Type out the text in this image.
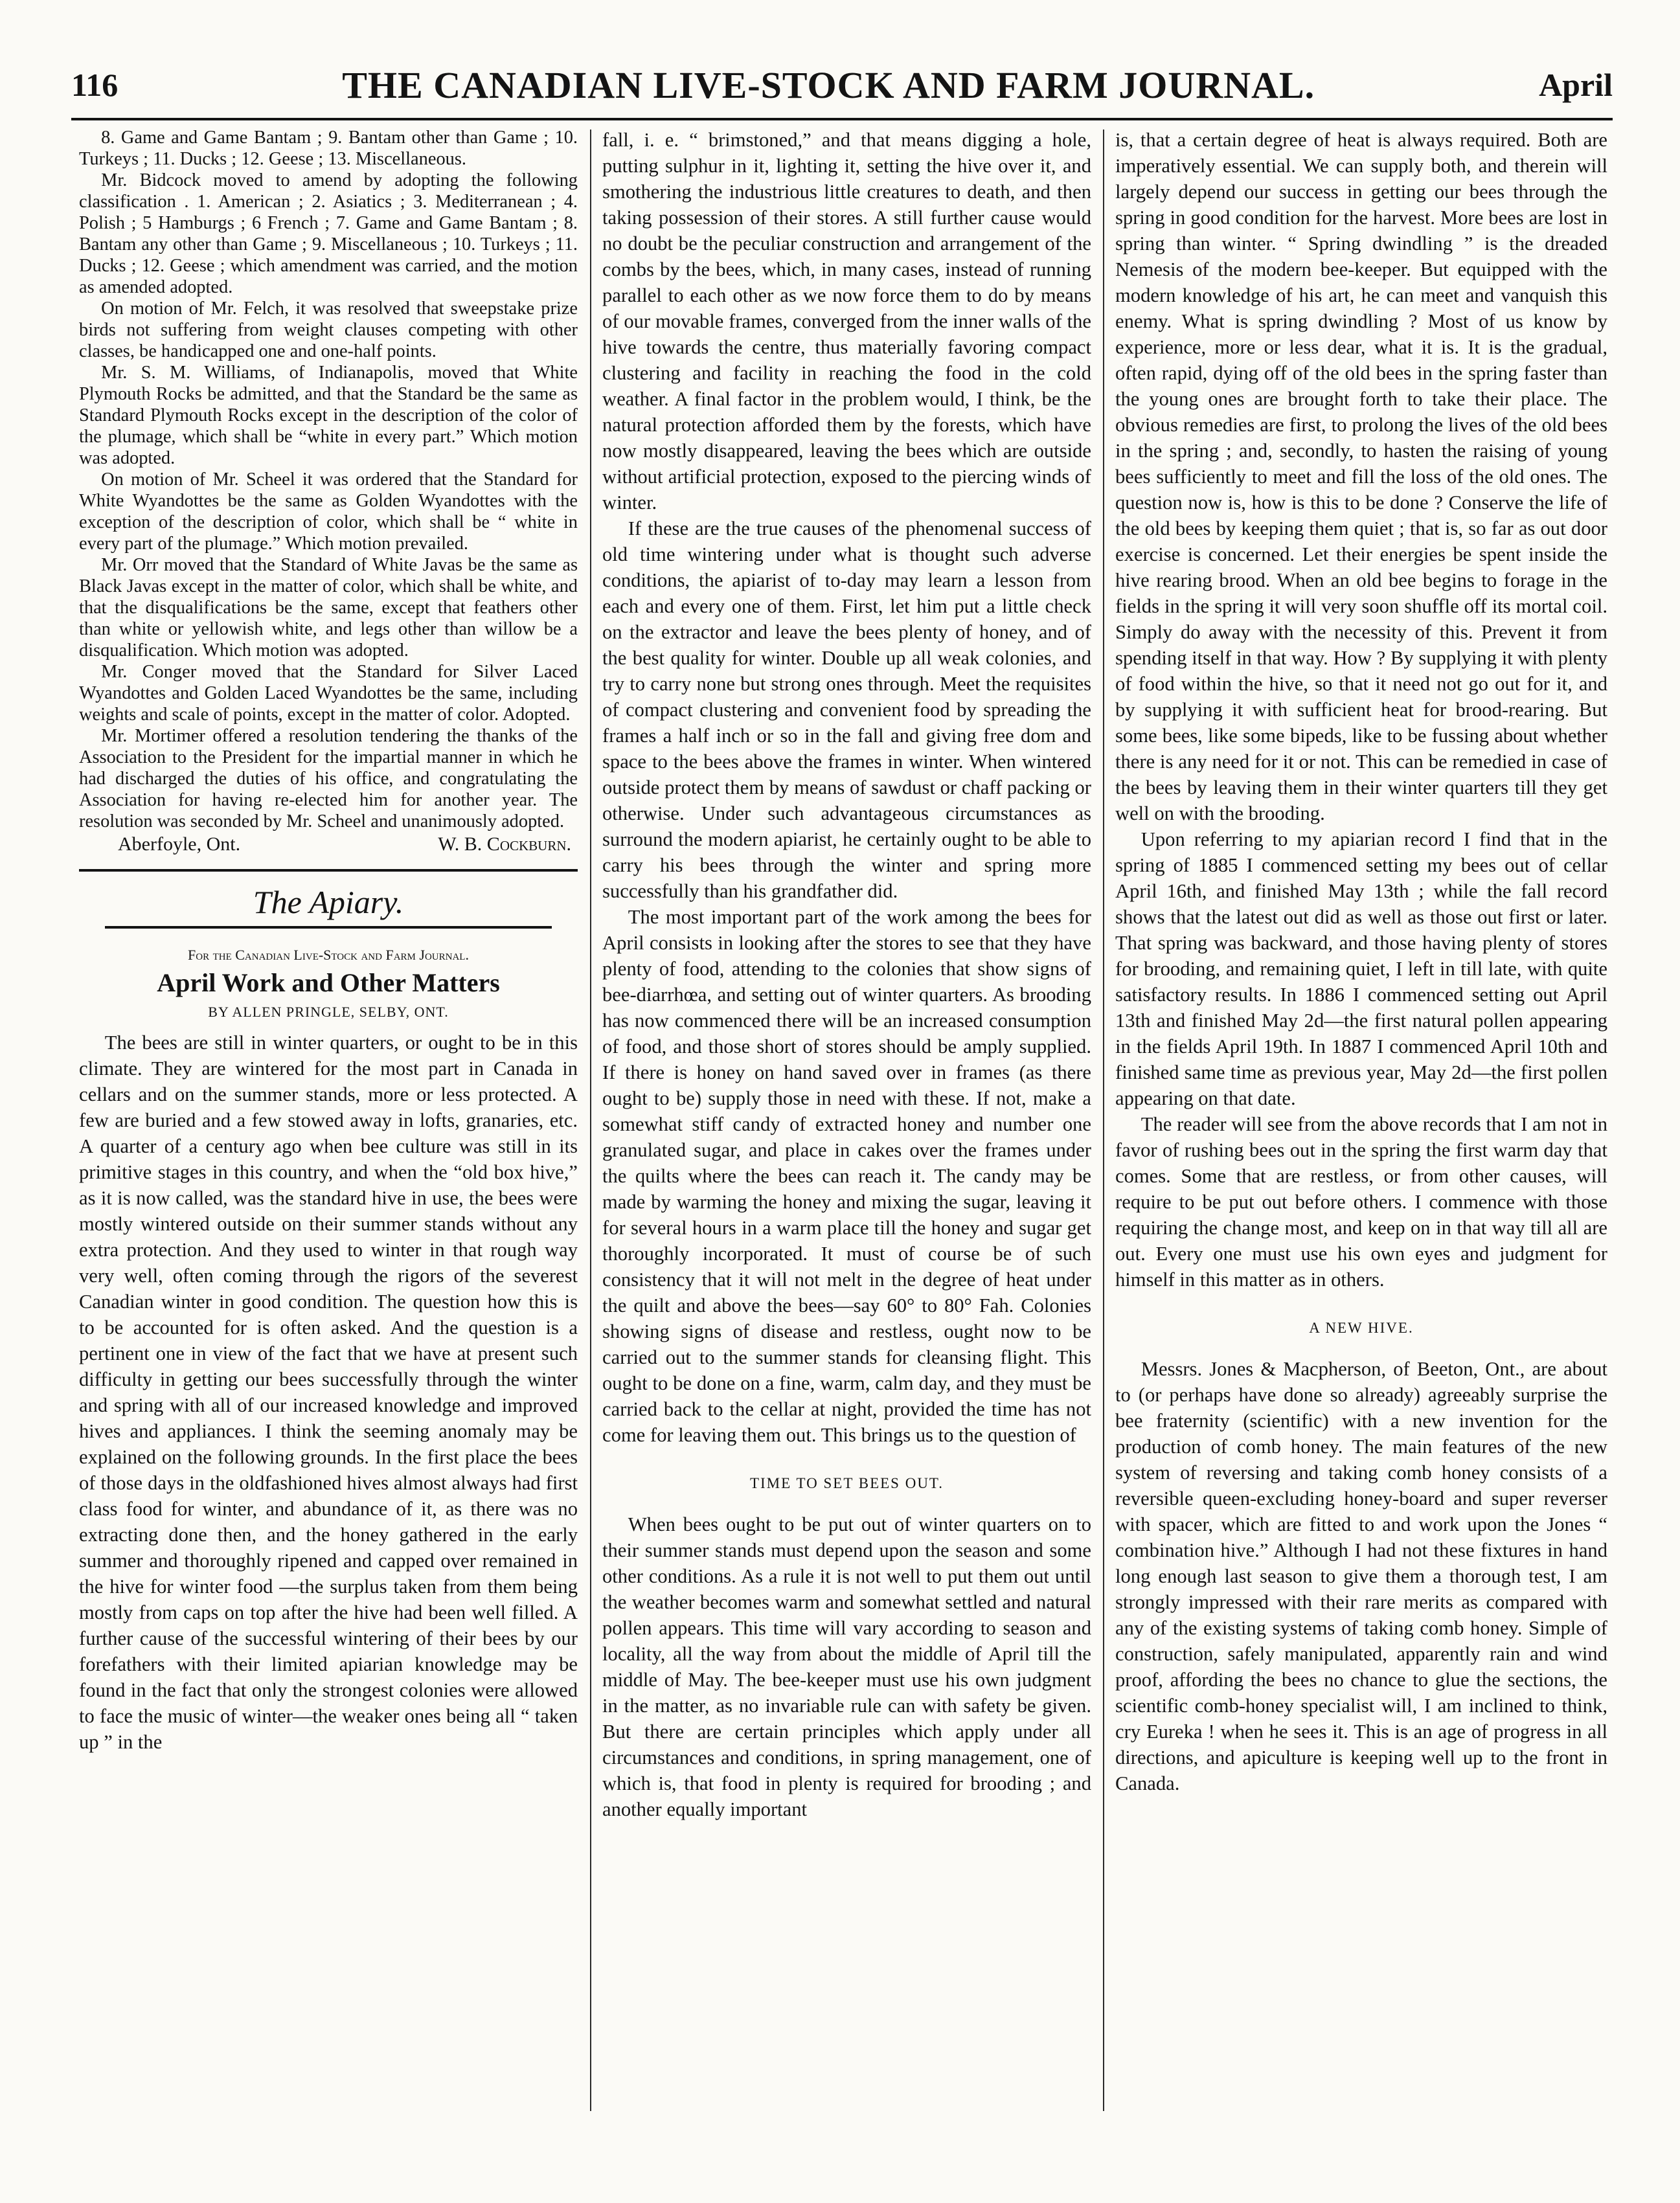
116	THE CANADIAN LIVE-STOCK AND FARM JOURNAL.	April

8. Game and Game Bantam ; 9. Bantam other than Game ; 10. Turkeys ; 11. Ducks ; 12. Geese ; 13. Miscellaneous.

Mr. Bidcock moved to amend by adopting the following classification . 1. American ; 2. Asiatics ; 3. Mediterranean ; 4. Polish ; 5 Hamburgs ; 6 French ; 7. Game and Game Bantam ; 8. Bantam any other than Game ; 9. Miscellaneous ; 10. Turkeys ; 11. Ducks ; 12. Geese ; which amendment was carried, and the motion as amended adopted.

On motion of Mr. Felch, it was resolved that sweepstake prize birds not suffering from weight clauses competing with other classes, be handicapped one and one-half points.

Mr. S. M. Williams, of Indianapolis, moved that White Plymouth Rocks be admitted, and that the Standard be the same as Standard Plymouth Rocks except in the description of the color of the plumage, which shall be “white in every part.” Which motion was adopted.

On motion of Mr. Scheel it was ordered that the Standard for White Wyandottes be the same as Golden Wyandottes with the exception of the description of color, which shall be “ white in every part of the plumage.” Which motion prevailed.

Mr. Orr moved that the Standard of White Javas be the same as Black Javas except in the matter of color, which shall be white, and that the disqualifications be the same, except that feathers other than white or yellowish white, and legs other than willow be a disqualification. Which motion was adopted.

Mr. Conger moved that the Standard for Silver Laced Wyandottes and Golden Laced Wyandottes be the same, including weights and scale of points, except in the matter of color. Adopted.

Mr. Mortimer offered a resolution tendering the thanks of the Association to the President for the impartial manner in which he had discharged the duties of his office, and congratulating the Association for having re-elected him for another year. The resolution was seconded by Mr. Scheel and unanimously adopted.

Aberfoyle, Ont.	W. B. Cockburn.
The Apiary.
For the Canadian Live-Stock and Farm Journal.
April Work and Other Matters
BY ALLEN PRINGLE, SELBY, ONT.

The bees are still in winter quarters, or ought to be in this climate. They are wintered for the most part in Canada in cellars and on the summer stands, more or less protected. A few are buried and a few stowed away in lofts, granaries, etc. A quarter of a century ago when bee culture was still in its primitive stages in this country, and when the “old box hive,” as it is now called, was the standard hive in use, the bees were mostly wintered outside on their summer stands without any extra protection. And they used to winter in that rough way very well, often coming through the rigors of the severest Canadian winter in good condition. The question how this is to be accounted for is often asked. And the question is a pertinent one in view of the fact that we have at present such difficulty in getting our bees successfully through the winter and spring with all of our increased knowledge and improved hives and appliances. I think the seeming anomaly may be explained on the following grounds. In the first place the bees of those days in the oldfashioned hives almost always had first class food for winter, and abundance of it, as there was no extracting done then, and the honey gathered in the early summer and thoroughly ripened and capped over remained in the hive for winter food —the surplus taken from them being mostly from caps on top after the hive had been well filled. A further cause of the successful wintering of their bees by our forefathers with their limited apiarian knowledge may be found in the fact that only the strongest colonies were allowed to face the music of winter—the weaker ones being all “ taken up ” in the

fall, i. e. “ brimstoned,” and that means digging a hole, putting sulphur in it, lighting it, setting the hive over it, and smothering the industrious little creatures to death, and then taking possession of their stores. A still further cause would no doubt be the peculiar construction and arrangement of the combs by the bees, which, in many cases, instead of running parallel to each other as we now force them to do by means of our movable frames, converged from the inner walls of the hive towards the centre, thus materially favoring compact clustering and facility in reaching the food in the cold weather. A final factor in the problem would, I think, be the natural protection afforded them by the forests, which have now mostly disappeared, leaving the bees which are outside without artificial protection, exposed to the piercing winds of winter.

If these are the true causes of the phenomenal success of old time wintering under what is thought such adverse conditions, the apiarist of to-day may learn a lesson from each and every one of them. First, let him put a little check on the extractor and leave the bees plenty of honey, and of the best quality for winter. Double up all weak colonies, and try to carry none but strong ones through. Meet the requisites of compact clustering and convenient food by spreading the frames a half inch or so in the fall and giving free dom and space to the bees above the frames in winter. When wintered outside protect them by means of sawdust or chaff packing or otherwise. Under such advantageous circumstances as surround the modern apiarist, he certainly ought to be able to carry his bees through the winter and spring more successfully than his grandfather did.

The most important part of the work among the bees for April consists in looking after the stores to see that they have plenty of food, attending to the colonies that show signs of bee-diarrhœa, and setting out of winter quarters. As brooding has now commenced there will be an increased consumption of food, and those short of stores should be amply supplied. If there is honey on hand saved over in frames (as there ought to be) supply those in need with these. If not, make a somewhat stiff candy of extracted honey and number one granulated sugar, and place in cakes over the frames under the quilts where the bees can reach it. The candy may be made by warming the honey and mixing the sugar, leaving it for several hours in a warm place till the honey and sugar get thoroughly incorporated. It must of course be of such consistency that it will not melt in the degree of heat under the quilt and above the bees—say 60° to 80° Fah. Colonies showing signs of disease and restless, ought now to be carried out to the summer stands for cleansing flight. This ought to be done on a fine, warm, calm day, and they must be carried back to the cellar at night, provided the time has not come for leaving them out. This brings us to the question of

TIME TO SET BEES OUT.

When bees ought to be put out of winter quarters on to their summer stands must depend upon the season and some other conditions. As a rule it is not well to put them out until the weather becomes warm and somewhat settled and natural pollen appears. This time will vary according to season and locality, all the way from about the middle of April till the middle of May. The bee-keeper must use his own judgment in the matter, as no invariable rule can with safety be given. But there are certain principles which apply under all circumstances and conditions, in spring management, one of which is, that food in plenty is required for brooding ; and another equally important

is, that a certain degree of heat is always required. Both are imperatively essential. We can supply both, and therein will largely depend our success in getting our bees through the spring in good condition for the harvest. More bees are lost in spring than winter. “ Spring dwindling ” is the dreaded Nemesis of the modern bee-keeper. But equipped with the modern knowledge of his art, he can meet and vanquish this enemy. What is spring dwindling ? Most of us know by experience, more or less dear, what it is. It is the gradual, often rapid, dying off of the old bees in the spring faster than the young ones are brought forth to take their place. The obvious remedies are first, to prolong the lives of the old bees in the spring ; and, secondly, to hasten the raising of young bees sufficiently to meet and fill the loss of the old ones. The question now is, how is this to be done ? Conserve the life of the old bees by keeping them quiet ; that is, so far as out door exercise is concerned. Let their energies be spent inside the hive rearing brood. When an old bee begins to forage in the fields in the spring it will very soon shuffle off its mortal coil. Simply do away with the necessity of this. Prevent it from spending itself in that way. How ? By supplying it with plenty of food within the hive, so that it need not go out for it, and by supplying it with sufficient heat for brood-rearing. But some bees, like some bipeds, like to be fussing about whether there is any need for it or not. This can be remedied in case of the bees by leaving them in their winter quarters till they get well on with the brooding.

Upon referring to my apiarian record I find that in the spring of 1885 I commenced setting my bees out of cellar April 16th, and finished May 13th ; while the fall record shows that the latest out did as well as those out first or later. That spring was backward, and those having plenty of stores for brooding, and remaining quiet, I left in till late, with quite satisfactory results. In 1886 I commenced setting out April 13th and finished May 2d—the first natural pollen appearing in the fields April 19th. In 1887 I commenced April 10th and finished same time as previous year, May 2d—the first pollen appearing on that date.

The reader will see from the above records that I am not in favor of rushing bees out in the spring the first warm day that comes. Some that are restless, or from other causes, will require to be put out before others. I commence with those requiring the change most, and keep on in that way till all are out. Every one must use his own eyes and judgment for himself in this matter as in others.

A NEW HIVE.

Messrs. Jones & Macpherson, of Beeton, Ont., are about to (or perhaps have done so already) agreeably surprise the bee fraternity (scientific) with a new invention for the production of comb honey. The main features of the new system of reversing and taking comb honey consists of a reversible queen-excluding honey-board and super reverser with spacer, which are fitted to and work upon the Jones “ combination hive.” Although I had not these fixtures in hand long enough last season to give them a thorough test, I am strongly impressed with their rare merits as compared with any of the existing systems of taking comb honey. Simple of construction, safely manipulated, apparently rain and wind proof, affording the bees no chance to glue the sections, the scientific comb-honey specialist will, I am inclined to think, cry Eureka ! when he sees it. This is an age of progress in all directions, and apiculture is keeping well up to the front in Canada.
